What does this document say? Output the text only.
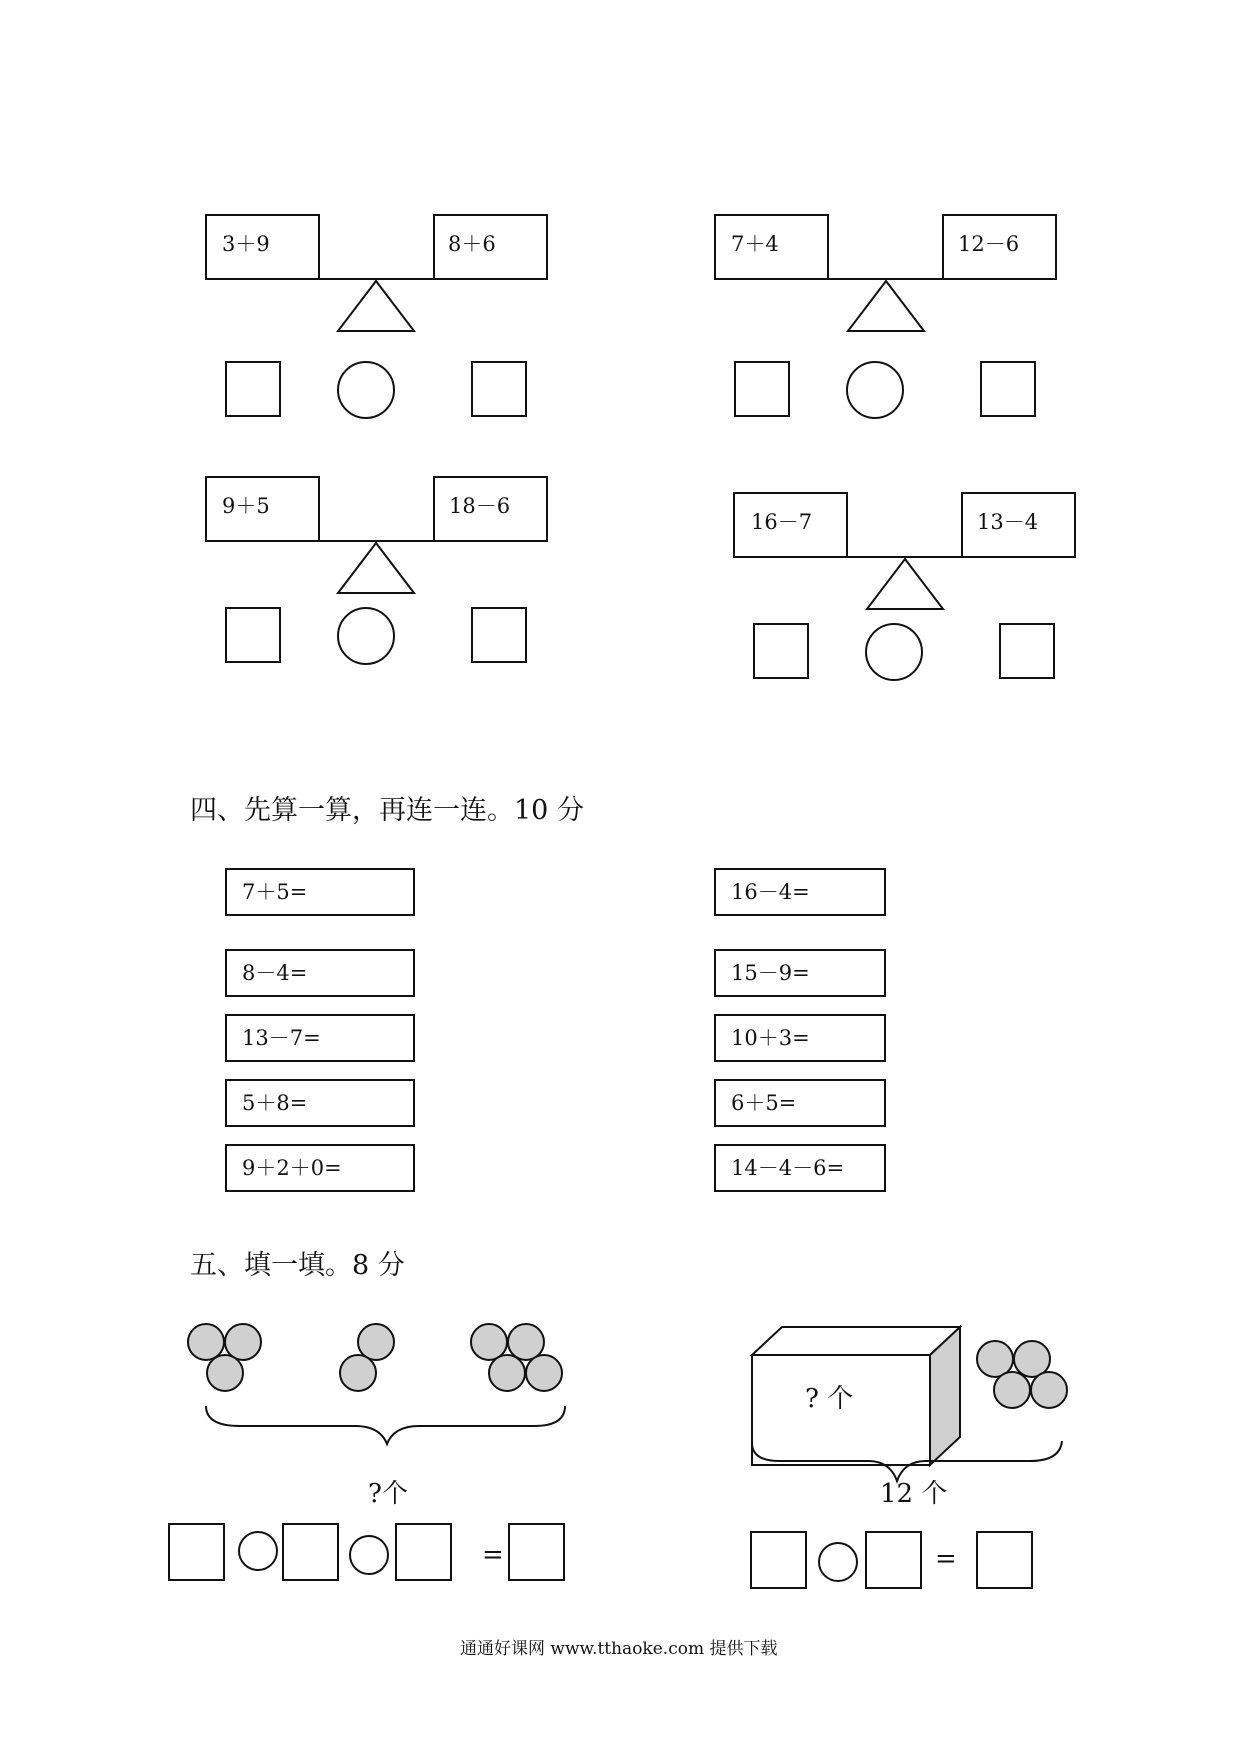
3＋9	8＋6	7＋4	12－6
9＋5	18－6
16－7	13－4
四、先算一算，再连一连。10 分
7＋5=
8－4=
13－7=
5＋8=
9＋2＋0=
16－4=
15－9=
10＋3=
6＋5=
14－4－6=
五、填一填。8 分
?个
=
? 个
12 个
=
通通好课网 www.tthaoke.com 提供下载
